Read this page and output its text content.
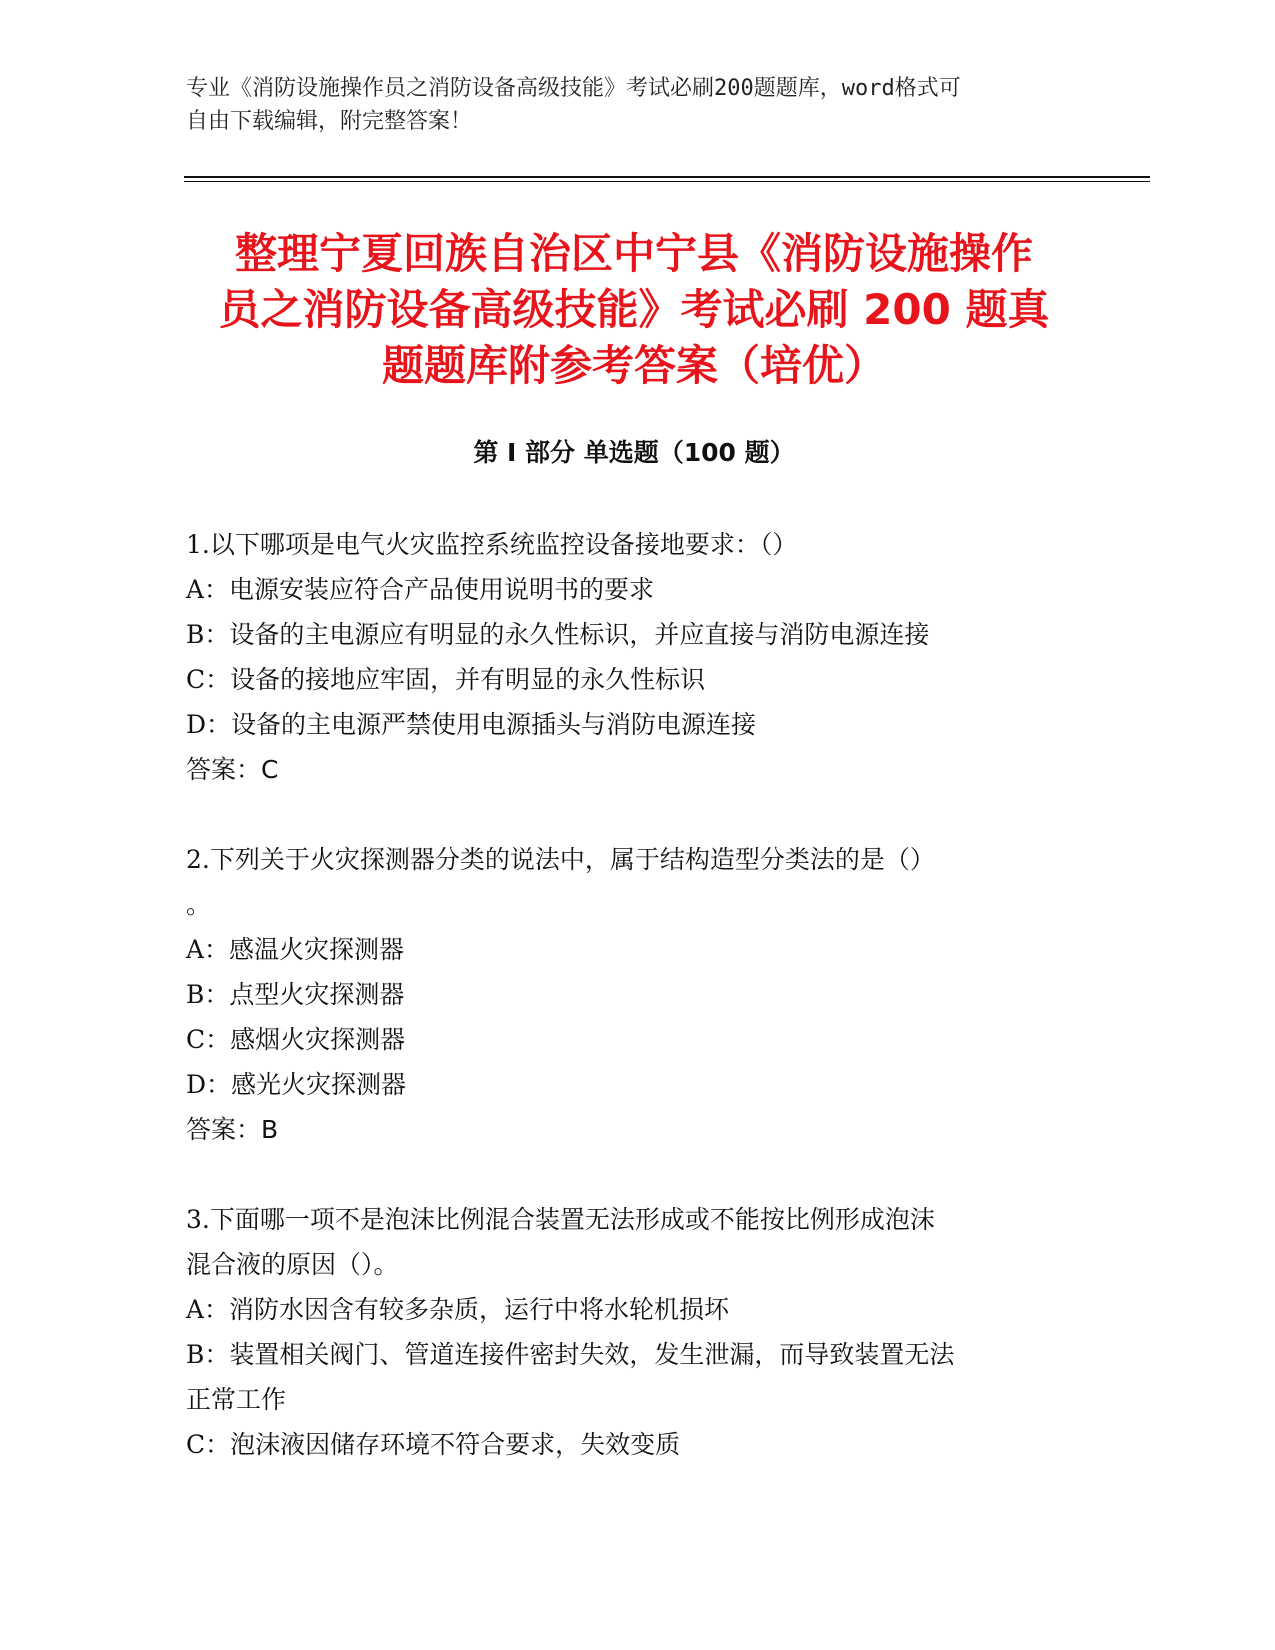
专业《消防设施操作员之消防设备高级技能》考试必刷200题题库，word格式可
自由下载编辑，附完整答案！
整理宁夏回族自治区中宁县《消防设施操作
员之消防设备高级技能》考试必刷 200 题真
题题库附参考答案（培优）
第 I 部分 单选题（100 题）
1.以下哪项是电气火灾监控系统监控设备接地要求：（）
A：电源安装应符合产品使用说明书的要求
B：设备的主电源应有明显的永久性标识，并应直接与消防电源连接
C：设备的接地应牢固，并有明显的永久性标识
D：设备的主电源严禁使用电源插头与消防电源连接
答案：C
2.下列关于火灾探测器分类的说法中，属于结构造型分类法的是（）
。
A：感温火灾探测器
B：点型火灾探测器
C：感烟火灾探测器
D：感光火灾探测器
答案：B
3.下面哪一项不是泡沫比例混合装置无法形成或不能按比例形成泡沫
混合液的原因（）。
A：消防水因含有较多杂质，运行中将水轮机损坏
B：装置相关阀门、管道连接件密封失效，发生泄漏，而导致装置无法
正常工作
C：泡沫液因储存环境不符合要求，失效变质
